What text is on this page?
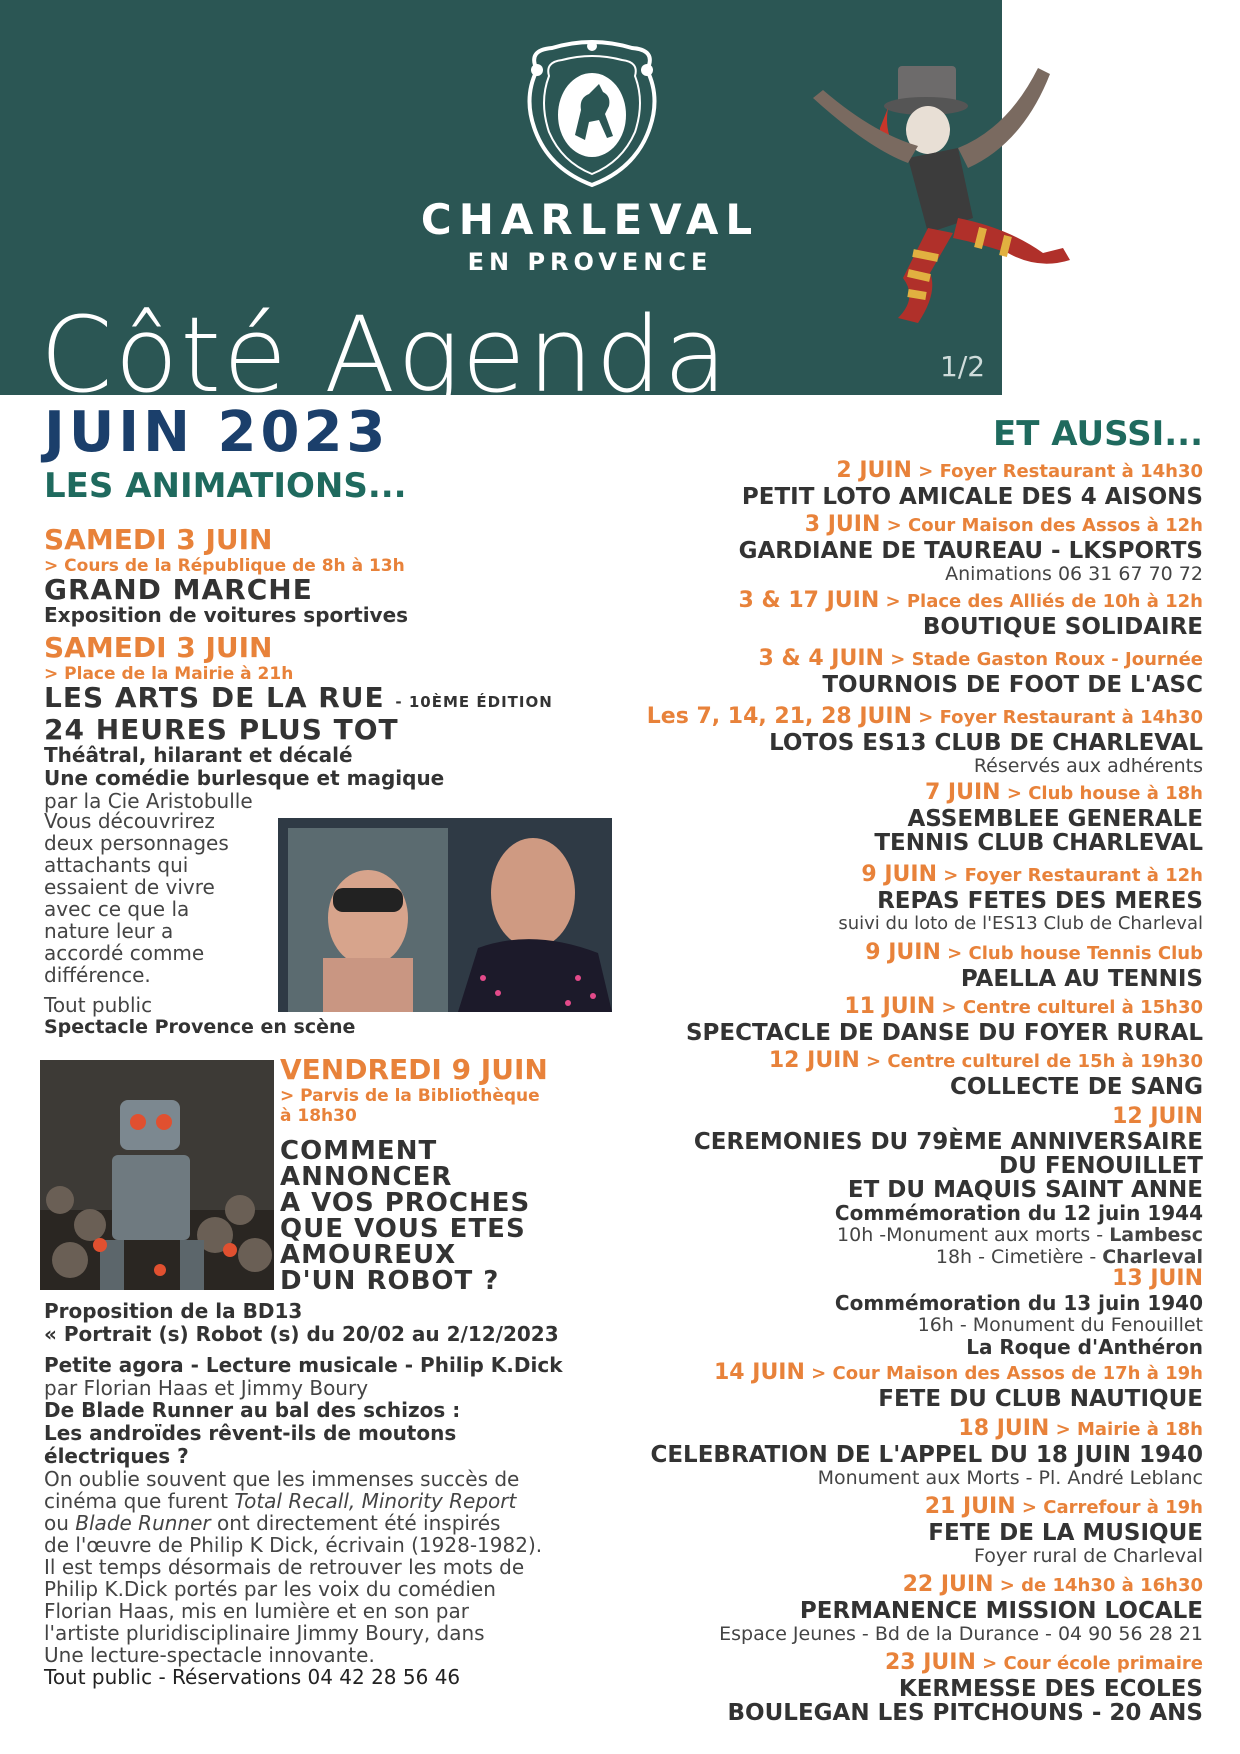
CHARLEVAL
EN PROVENCE
Côté Agenda	1/2
JUIN 2023
LES ANIMATIONS...
ET AUSSI...
SAMEDI 3 JUIN
> Cours de la République de 8h à 13h
GRAND MARCHE
Exposition de voitures sportives
SAMEDI 3 JUIN
> Place de la Mairie à 21h
LES ARTS DE LA RUE - 10ÈME ÉDITION
24 HEURES PLUS TOT
Théâtral, hilarant et décalé
Une comédie burlesque et magique
par la Cie Aristobulle
Vous découvrirez
deux personnages
attachants qui
essaient de vivre
avec ce que la
nature leur a
accordé comme
différence.
Tout public
Spectacle Provence en scène
VENDREDI 9 JUIN
> Parvis de la Bibliothèque
à 18h30
COMMENT
ANNONCER
A VOS PROCHES
QUE VOUS ETES
AMOUREUX
D'UN ROBOT ?
Proposition de la BD13
« Portrait (s) Robot (s) du 20/02 au 2/12/2023
Petite agora - Lecture musicale - Philip K.Dick
par Florian Haas et Jimmy Boury
De Blade Runner au bal des schizos :
Les androïdes rêvent-ils de moutons
électriques ?
On oublie souvent que les immenses succès de
cinéma que furent Total Recall, Minority Report
ou Blade Runner ont directement été inspirés
de l'œuvre de Philip K Dick, écrivain (1928-1982).
Il est temps désormais de retrouver les mots de
Philip K.Dick portés par les voix du comédien
Florian Haas, mis en lumière et en son par
l'artiste pluridisciplinaire Jimmy Boury, dans
Une lecture-spectacle innovante.
Tout public - Réservations 04 42 28 56 46
2 JUIN > Foyer Restaurant à 14h30
PETIT LOTO AMICALE DES 4 AISONS
3 JUIN > Cour Maison des Assos à 12h
GARDIANE DE TAUREAU - LKSPORTS
Animations 06 31 67 70 72
3 & 17 JUIN > Place des Alliés de 10h à 12h
BOUTIQUE SOLIDAIRE
3 & 4 JUIN > Stade Gaston Roux - Journée
TOURNOIS DE FOOT DE L'ASC
Les 7, 14, 21, 28 JUIN > Foyer Restaurant à 14h30
LOTOS ES13 CLUB DE CHARLEVAL
Réservés aux adhérents
7 JUIN > Club house à 18h
ASSEMBLEE GENERALE
TENNIS CLUB CHARLEVAL
9 JUIN > Foyer Restaurant à 12h
REPAS FETES DES MERES
suivi du loto de l'ES13 Club de Charleval
9 JUIN > Club house Tennis Club
PAELLA AU TENNIS
11 JUIN > Centre culturel à 15h30
SPECTACLE DE DANSE DU FOYER RURAL
12 JUIN > Centre culturel de 15h à 19h30
COLLECTE DE SANG
12 JUIN
CEREMONIES DU 79ÈME ANNIVERSAIRE
DU FENOUILLET
ET DU MAQUIS SAINT ANNE
Commémoration du 12 juin 1944
10h -Monument aux morts - Lambesc
18h - Cimetière - Charleval
13 JUIN
Commémoration du 13 juin 1940
16h - Monument du Fenouillet
La Roque d'Anthéron
14 JUIN > Cour Maison des Assos de 17h à 19h
FETE DU CLUB NAUTIQUE
18 JUIN > Mairie à 18h
CELEBRATION DE L'APPEL DU 18 JUIN 1940
Monument aux Morts - Pl. André Leblanc
21 JUIN > Carrefour à 19h
FETE DE LA MUSIQUE
Foyer rural de Charleval
22 JUIN > de 14h30 à 16h30
PERMANENCE MISSION LOCALE
Espace Jeunes - Bd de la Durance - 04 90 56 28 21
23 JUIN > Cour école primaire
KERMESSE DES ECOLES
BOULEGAN LES PITCHOUNS - 20 ANS
